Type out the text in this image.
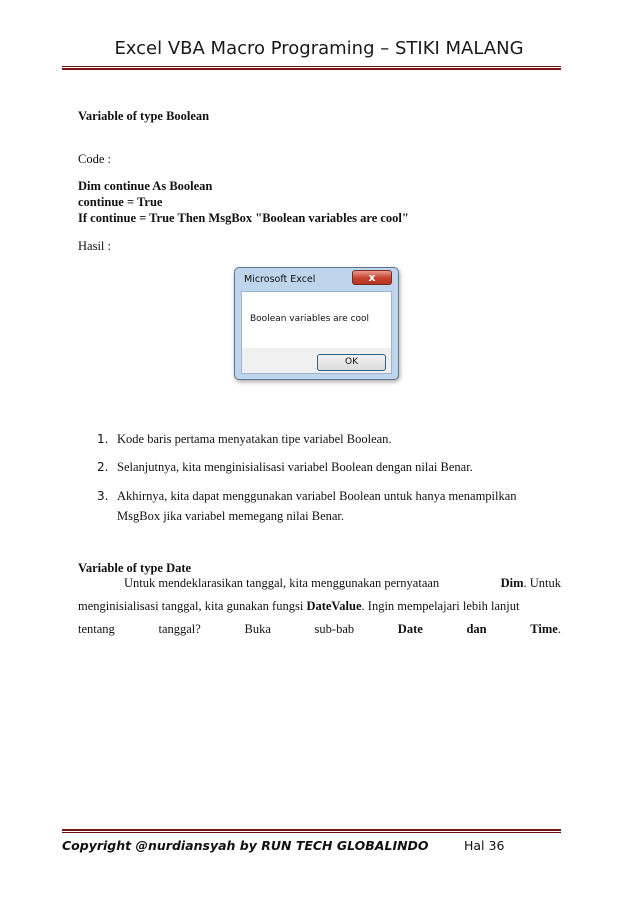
Excel VBA Macro Programing – STIKI MALANG
Variable of type Boolean
Code :
Dim continue As Boolean
continue = True
If continue = True Then MsgBox "Boolean variables are cool"
Hasil :
Microsoft Excel	x
Boolean variables are cool
OK
1. Kode baris pertama menyatakan tipe variabel Boolean.
2. Selanjutnya, kita menginisialisasi variabel Boolean dengan nilai Benar.
3. Akhirnya, kita dapat menggunakan variabel Boolean untuk hanya menampilkan
MsgBox jika variabel memegang nilai Benar.
Variable of type Date
Untuk mendeklarasikan tanggal, kita menggunakan pernyataan	Dim. Untuk
menginisialisasi tanggal, kita gunakan fungsi DateValue. Ingin mempelajari lebih lanjut
tentang	tanggal?	Buka	sub-bab	Date	dan	Time.
Copyright @nurdiansyah by RUN TECH GLOBALINDO	Hal 36
